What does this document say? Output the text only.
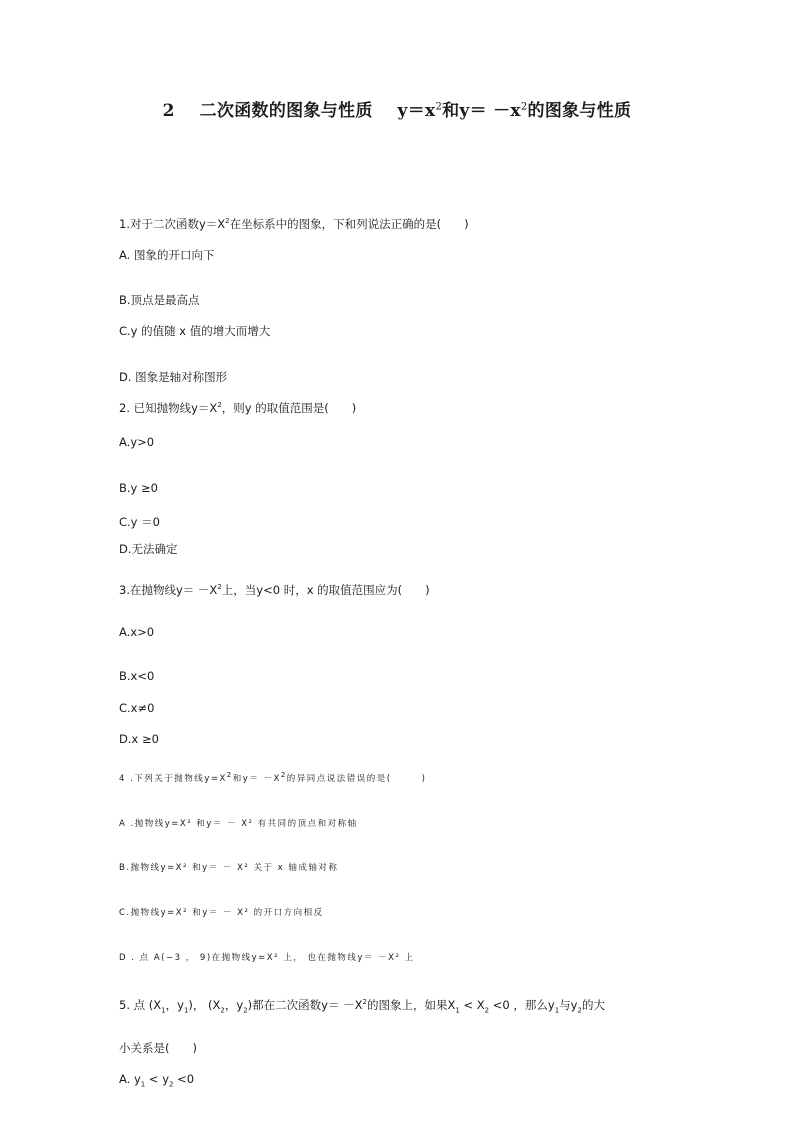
2 二次函数的图象与性质 $y=x^2$和$y= -x^2$的图象与性质
1.对于二次函数$y=X^2$在坐标系中的图象，下和列说法正确的是(　　)
A. 图象的开口向下
B.顶点是最高点
C.y 的值随 x 值的增大而增大
D. 图象是轴对称图形
2. 已知抛物线$y=X^2$，则y 的取值范围是(　　)
A.y>0
B.y ≥0
C.y ＝0
D.无法确定
3.在抛物线$y= -X^2$上，当y<0 时，x 的取值范围应为(　　)
A.x>0
B.x<0
C.x≠0
D.x ≥0
4 .下列关于抛物线$y=X^2$和$y= -X^2$的异同点说法错误的是(　　　)
A .抛物线y=X² 和y＝ － X² 有共同的顶点和对称轴
B.抛物线y=X² 和y＝ － X² 关于 x 轴成轴对称
C.抛物线y=X² 和y＝ － X² 的开口方向相反
D . 点 A(−3 ， 9)在抛物线y=X² 上， 也在抛物线y＝ －X² 上
5. 点 ($X_1$，$y_1$)， ($X_2$，$y_2$)都在二次函数$y= -X^2$的图象上，如果$X_1 < X_2 <0$ ，那么$y_1$与$y_2$的大
小关系是(　　)
A. $y_1 < y_2 <0$
